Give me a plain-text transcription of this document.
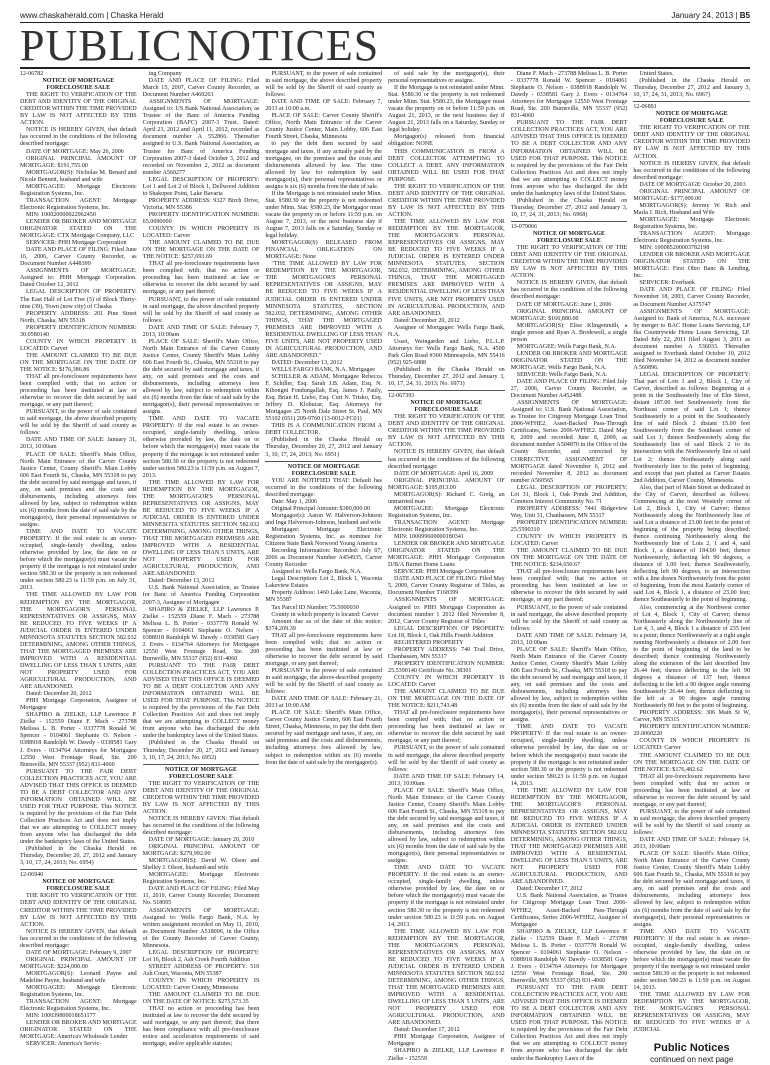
www.chaskaherald.com | Chaska Herald	January 24, 2013 | B5
PUBLIC NOTICES

12-06782

NOTICE OF MORTGAGE FORECLOSURE SALE

THE RIGHT TO VERIFICATION OF THE DEBT AND IDENTITY OF THE ORIGINAL CREDITOR WITHIN THE TIME PROVIDED BY LAW IS NOT AFFECTED BY THIS ACTION.

NOTICE IS HEREBY GIVEN, that default has occurred in the conditions of the following described mortgage:

DATE OF MORTGAGE: May 26, 2006

ORIGINAL PRINCIPAL AMOUNT OF MORTGAGE: $191,755.00

MORTGAGOR(S): Nicholas M. Benard and Nicole Bennett, husband and wife

MORTGAGEE: Mortgage Electronic Registration Systems, Inc.

TRANSACTION AGENT: Mortgage Electronic Registration Systems, Inc.

MIN: 100020000022962450

LENDER OR BROKER AND MORTGAGE ORIGINATOR STATED ON THE MORTGAGE: CTX Mortgage Company, LLC

SERVICER: PHH Mortgage Corporation

DATE AND PLACE OF FILING: Filed June 16, 2006, Carver County Recorder, as Document Number A448399

ASSIGNMENTS OF MORTGAGE: Assigned to: PHH Mortgage Corporation. Dated October 12, 2012

LEGAL DESCRIPTION OF PROPERTY: The East Half of Lot Five (5) of Block Thirty-nine (39), Town (now city) of Chaska

PROPERTY ADDRESS: 201 Pine Street North, Chaska, MN 55318

PROPERTY IDENTIFICATION NUMBER: 30.0580140

COUNTY IN WHICH PROPERTY IS LOCATED: Carver

THE AMOUNT CLAIMED TO BE DUE ON THE MORTGAGE ON THE DATE OF THE NOTICE: $176,386.86

THAT all pre-foreclosure requirements have been complied with; that no action or proceeding has been instituted at law or otherwise to recover the debt secured by said mortgage, or any part thereof;

PURSUANT, to the power of sale contained in said mortgage, the above described property will be sold by the Sheriff of said county as follows:

DATE AND TIME OF SALE: January 31, 2013, 10:00am

PLACE OF SALE: Sheriff's Main Office, North Main Entrance of the Carver County Justice Center, County Sheriff's Main Lobby 606 East Fourth St., Chaska, MN 55318 to pay the debt secured by said mortgage and taxes, if any, on said premises and the costs and disbursements, including attorneys fees allowed by law, subject to redemption within six (6) months from the date of said sale by the mortgagor(s), their personal representatives or assigns.

TIME AND DATE TO VACATE PROPERTY: If the real estate is an owner-occupied, single-family dwelling, unless otherwise provided by law, the date on or before which the mortgagor(s) must vacate the property if the mortgage is not reinstated under section 580.30 or the property is not redeemed under section 580.23 is 11:59 p.m. on July 31, 2013.

THE TIME ALLOWED BY LAW FOR REDEMPTION BY THE MORTGAGOR, THE MORTGAGOR'S PERSONAL REPRESENTATIVES OR ASSIGNS, MAY BE REDUCED TO FIVE WEEKS IF A JUDICIAL ORDER IS ENTERED UNDER MINNESOTA STATUTES SECTION 582.032 DETERMINING, AMONG OTHER THINGS, THAT THE MORTGAGED PREMISES ARE IMPROVED WITH A RESIDENTIAL DWELLING OF LESS THAN 5 UNITS, ARE NOT PROPERTY USED FOR AGRICULTURAL PRODUCTION, AND ARE ABANDONED.

Dated: December 20, 2012

PHH Mortgage Corporation, Assignee of Mortgagee

SHAPIRO & ZIELKE, LLP Lawrence P. Zielke - 152559 Diane F. Mach - 273788 Melissa L. B. Porter - 0337778 Ronald W. Spencer - 0104061 Stephanie O. Nelson - 0388918 Randolph W. Dawdy - 0338581 Gary J. Evers - 0134764 Attorneys for Mortgagee 12550 West Frontage Road, Ste. 200 Burnsville, MN 55337 (952) 831-4060

PURSUANT TO THE FAIR DEBT COLLECTION PRACTICES ACT, YOU ARE ADVISED THAT THIS OFFICE IS DEEMED TO BE A DEBT COLLECTOR AND ANY INFORMATION OBTAINED WILL BE USED FOR THAT PURPOSE. This NOTICE is required by the provisions of the Fair Debt Collection Practices Act and does not imply that we are attempting to COLLECT money from anyone who has discharged the debt under the bankruptcy laws of the United States.

(Published in the Chaska Herald on Thursday, December 20, 27, 2012 and January 3, 10, 17, 24, 2013; No. 6954)

12-06940

NOTICE OF MORTGAGE FORECLOSURE SALE

THE RIGHT TO VERIFICATION OF THE DEBT AND IDENTITY OF THE ORIGINAL CREDITOR WITHIN THE TIME PROVIDED BY LAW IS NOT AFFECTED BY THIS ACTION.

NOTICE IS HEREBY GIVEN, that default has occurred in the conditions of the following described mortgage:

DATE OF MORTGAGE: February 9, 2007

ORIGINAL PRINCIPAL AMOUNT OF MORTGAGE: $224,000.00

MORTGAGOR(S): Leonard Payne and Madeline Payne, husband and wife

MORTGAGEE: Mortgage Electronic Registration Systems, Inc.

TRANSACTION AGENT: Mortgage Electronic Registration Systems, Inc.

MIN: 100039800018651177

LENDER OR BROKER AND MORTGAGE ORIGINATOR STATED ON THE MORTGAGE: America's Wholesale Lender

SERVICER: America's Servic-

ing Company

DATE AND PLACE OF FILING: Filed March 15, 2007, Carver County Recorder, as Document Number A460263

ASSIGNMENTS OF MORTGAGE: Assigned to: US Bank National Association, as Trustee of the Banc of America Funding Corporation (BAFC) 2007-3 Trust. Dated: April 23, 2012 and April 11, 2012, recorded as document number A 552866. Thereafter assigned to U.S. Bank National Association, as Trustee for Banc of America Funding Corporation 2007-3 dated October 3, 2012 and recorded on November 2, 2012 as document number A560277

LEGAL DESCRIPTION OF PROPERTY: Lot 1 and Lot 2 of Block 1, Dellwood Addition to Shakopee Point, Lake Bavaria

PROPERTY ADDRESS: 9327 Birch Drive, Victoria, MN 55386

PROPERTY IDENTIFICATION NUMBER: 65.0090000

COUNTY IN WHICH PROPERTY IS LOCATED: Carver

THE AMOUNT CLAIMED TO BE DUE ON THE MORTGAGE ON THE DATE OF THE NOTICE: $257,693.69

THAT all pre-foreclosure requirements have been complied with; that no action or proceeding has been instituted at law or otherwise to recover the debt secured by said mortgage, or any part thereof;

PURSUANT, to the power of sale contained in said mortgage, the above described property will be sold by the Sheriff of said county as follows:

DATE AND TIME OF SALE: February 7, 2013, 10:00am

PLACE OF SALE: Sheriff's Main Office, North Main Entrance of the Carver County Justice Center, County Sheriff's Main Lobby 606 East Fourth St., Chaska, MN 55318 to pay the debt secured by said mortgage and taxes, if any, on said premises and the costs and disbursements, including attorneys fees allowed by law, subject to redemption within six (6) months from the date of said sale by the mortgagor(s), their personal representatives or assigns.

TIME AND DATE TO VACATE PROPERTY: If the real estate is an owner-occupied, single-family dwelling, unless otherwise provided by law, the date on or before which the mortgagor(s) must vacate the property if the mortgage is not reinstated under section 580.30 or the property is not redeemed under section 580.23 is 11:59 p.m. on August 7, 2013.

THE TIME ALLOWED BY LAW FOR REDEMPTION BY THE MORTGAGOR, THE MORTGAGOR'S PERSONAL REPRESENTATIVES OR ASSIGNS, MAY BE REDUCED TO FIVE WEEKS IF A JUDICIAL ORDER IS ENTERED UNDER MINNESOTA STATUTES SECTION 582.032 DETERMINING, AMONG OTHER THINGS, THAT THE MORTGAGED PREMISES ARE IMPROVED WITH A RESIDENTIAL DWELLING OF LESS THAN 5 UNITS, ARE NOT PROPERTY USED FOR AGRICULTURAL PRODUCTION, AND ARE ABANDONED.

Dated: December 13, 2012

U.S. Bank National Association, as Trustee for Banc of America Funding Corporation 2007-3, Assignee of Mortgagee

SHAPIRO & ZIELKE, LLP Lawrence P. Zielke - 152559 Diane F. Mach - 273788 Melissa L. B. Porter - 0337778 Ronald W. Spencer - 0104061 Stephanie O. Nelson - 0388918 Randolph W. Dawdy - 0338581 Gary J. Evers - 0134764 Attorneys for Mortgagee 12550 West Frontage Road, Ste. 200 Burnsville, MN 55337 (952) 831-4060

PURSUANT TO THE FAIR DEBT COLLECTION PRACTICES ACT, YOU ARE ADVISED THAT THIS OFFICE IS DEEMED TO BE A DEBT COLLECTOR AND ANY INFORMATION OBTAINED WILL BE USED FOR THAT PURPOSE. This NOTICE is required by the provisions of the Fair Debt Collection Practices Act and does not imply that we are attempting to COLLECT money from anyone who has discharged the debt under the bankruptcy laws of the United States.

(Published in the Chaska Herald on Thursday, December 20, 27, 2012 and January 3, 10, 17, 24, 2013; No. 6952)

NOTICE OF MORTGAGE FORECLOSURE SALE

THE RIGHT TO VERIFICATION OF THE DEBT AND IDENTITY OF THE ORIGINAL CREDITOR WITHIN THE TIME PROVIDED BY LAW IS NOT AFFECTED BY THIS ACTION.

NOTICE IS HEREBY GIVEN: That default has occurred in the conditions of the following described mortgage:

DATE OF MORTGAGE: January 20, 2010

ORIGINAL PRINCIPAL AMOUNT OF MORTGAGE: $279,992.00

MORTGAGOR(S): David W. Olson and Shelley J. Olson, husband and wife

MORTGAGEE: Mortgage Electronic Registration Systems, Inc.

DATE AND PLACE OF FILING: Filed May 11, 2010, Carver County Recorder, Document No. 518005

ASSIGNMENTS OF MORTGAGE: Assigned to: Wells Fargo Bank, N.A. by written assignment recorded on May 11, 2010, as Document Number A518006, in the Office of the County Recorder of Carver County, Minnesota.

LEGAL DESCRIPTION OF PROPERTY: Lot 16, Block 2, Ash Creek Fourth Addition

STREET ADDRESS OF PROPERTY: 510 Ash Court, Waconia, MN 55387

COUNTY IN WHICH PROPERTY IS LOCATED: Carver County, Minnesota

THE AMOUNT CLAIMED TO BE DUE ON THE DATE OF NOTICE: $275,573.35

THAT no action or proceeding has been instituted at law to recover the debt secured by said mortgage, or any part thereof; that there has been compliance with all pre-foreclosure notice and acceleration requirements of said mortgage, and/or applicable statutes;

PURSUANT, to the power of sale contained in said mortgage, the above described property will be sold by the Sheriff of said county as follows:

DATE AND TIME OF SALE: February 7, 2013 at 10:00 a.m.

PLACE OF SALE: Carver County Sheriff's Office, North Main Entrance of the Carver County Justice Center, Main Lobby, 606 East Fourth Street, Chaska, Minnesota

to pay the debt then secured by said mortgage and taxes, if any actually paid by the mortgagee, on the premises and the costs and disbursements allowed by law. The time allowed by law for redemption by said mortgagor(s), their personal representatives or assigns is six (6) months from the date of sale.

If the Mortgage is not reinstated under Minn. Stat. §580.30 or the property is not redeemed under Minn. Stat. §580.23, the Mortgagor must vacate the property on or before 11:59 p.m. on August 7, 2013, or the next business day if August 7, 2013 falls on a Saturday, Sunday or legal holiday.

MORTGAGOR(S) RELEASED FROM FINANCIAL OBLIGATION ON MORTGAGE: None

"THE TIME ALLOWED BY LAW FOR REDEMPTION BY THE MORTGAGOR, THE MORTGAGOR'S PERSONAL REPRESENTATIVES OR ASSIGNS, MAY BE REDUCED TO FIVE WEEKS IF A JUDICIAL ORDER IS ENTERED UNDER MINNESOTA STATUTES, SECTION 582.032, DETERMINING, AMONG OTHER THINGS, THAT THE MORTGAGED PREMISES ARE IMPROVED WITH A RESIDENTIAL DWELLING OF LESS THAN FIVE UNITS, ARE NOT PROPERTY USED IN AGRICULTURAL PRODUCTION, AND ARE ABANDONED."

DATED: December 13, 2012

WELLS FARGO BANK, N.A. Mortgagee

SCHILLER & ADAM, Mortgagee Rebecca F. Schiller, Esq. Sarah J.B. Adam, Esq. N. Kibongni Fondungallah, Esq. James J. Pauly, Esq. Brian H. Liebo, Esq. Curt N. Trisko, Esq. Jeffrey D. Klobucar, Esq. Attorneys for Mortgagee 25 North Dale Street St. Paul, MN 55102 (651) 209-9760 (13-0012-FC01)

THIS IS A COMMUNICATION FROM A DEBT COLLECTOR.

(Published in the Chaska Herald on Thursday, December 20, 27, 2012 and January 3, 10, 17, 24, 2013; No. 6951)

NOTICE OF MORTGAGE FORECLOSURE SALE

YOU ARE NOTIFIED THAT: Default has occurred in the conditions of the following described mortgage:

Date: May 1, 2006

Original Principal Amount: $380,000.00

Mortgagor(s): Aaron W. Halverson-Johnson and Inga Halverson-Johnson, husband and wife

Mortgagee: Mortgage Electronic Registration Systems, Inc. as nominee for Citizens State Bank Norwood Young America

Recording Information: Recorded: July 07, 2006 as Document Number A454935, Carver County Recorder

Assigned to: Wells Fargo Bank, N.A.

Legal Description: Lot 2, Block 1, Waconia Lakeview Estates

Property Address: 1460 Lake Lane, Waconia, MN 55387

Tax Parcel ID Number: 75.5000030

County in which property is located: Carver

Amount due as of the date of this notice: $374,209.39

THAT all pre-foreclosure requirements have been complied with; that no action or proceeding has been instituted at law or otherwise to recover the debt secured by said mortgage, or any part thereof;

PURSUANT to the power of sale contained in said mortgage, the above-described property will be sold by the Sheriff of said county as follows:

DATE AND TIME OF SALE: February 21, 2013 at 10:00 AM

PLACE OF SALE: Sheriff's Main Office, Carver County Justice Center, 606 East Fourth Street, Chaska, Minnesota, to pay the debt then secured by said mortgage and taxes, if any, on said premises and the costs and disbursements, including attorneys fees allowed by law, subject to redemption within six (6) months from the date of said sale by the mortgagor(s).

of said sale by the mortgagor(s), their personal representatives or assigns.

If the Mortgage is not reinstated under Minn. Stat. §580.30 or the property is not redeemed under Minn. Stat. §580.23, the Mortgagor must vacate the property on or before 11:59 p.m. on August 21, 2013, or the next business day if August 21, 2013 falls on a Saturday, Sunday or legal holiday.

Mortgagor(s) released from financial obligation: NONE

THIS COMMUNICATION IS FROM A DEBT COLLECTOR ATTEMPTING TO COLLECT A DEBT. ANY INFORMATION OBTAINED WILL BE USED FOR THAT PURPOSE.

THE RIGHT TO VERIFICATION OF THE DEBT AND IDENTITY OF THE ORIGINAL CREDITOR WITHIN THE TIME PROVIDED BY LAW IS NOT AFFECTED BY THIS ACTION.

THE TIME ALLOWED BY LAW FOR REDEMPTION BY THE MORTGAGOR, THE MORTGAGOR'S PERSONAL REPRESENTATIVES OR ASSIGNS, MAY BE REDUCED TO FIVE WEEKS IF A JUDICIAL ORDER IS ENTERED UNDER MINNESOTA STATUTES, SECTION 582.032, DETERMINING, AMONG OTHER THINGS, THAT THE MORTGAGED PREMISES ARE IMPROVED WITH A RESIDENTIAL DWELLING OF LESS THAN FIVE UNITS, ARE NOT PROPERTY USED IN AGRICULTURAL PRODUCTION, AND ARE ABANDONED.

Dated: December 20, 2012

Assignee of Mortgagee: Wells Fargo Bank, N.A.

Usset, Weingarden and Liebo, P.L.L.P. Attorneys for: Wells Fargo Bank, N.A. 4500 Park Glen Road #300 Minneapolis, MN 55416 (952) 925-6888

(Published in the Chaska Herald on Thursday, December 27, 2012 and January 3, 10, 17, 24, 31, 2013; No. 6971)

12-067393

NOTICE OF MORTGAGE FORECLOSURE SALE

THE RIGHT TO VERIFICATION OF THE DEBT AND IDENTITY OF THE ORIGINAL CREDITOR WITHIN THE TIME PROVIDED BY LAW IS NOT AFFECTED BY THIS ACTION.

NOTICE IS HEREBY GIVEN, that default has occurred in the conditions of the following described mortgage:

DATE OF MORTGAGE: April 16, 2009

ORIGINAL PRINCIPAL AMOUNT OF MORTGAGE: $195,813.00

MORTGAGOR(S): Richard C. Greig, an unmarried man

MORTGAGEE: Mortgage Electronic Registration Systems, Inc.

TRANSACTION AGENT: Mortgage Electronic Registration Systems, Inc.

MIN: 100099600000180341

LENDER OR BROKER AND MORTGAGE ORIGINATOR STATED ON THE MORTGAGE: PHH Mortgage Corporation D/B/A Burnet Home Loans

SERVICER: PHH Mortgage Corporation

DATE AND PLACE OF FILING: Filed May 5, 2009, Carver County Registrar of Titles, as Document Number T168399

ASSIGNMENTS OF MORTGAGE: Assigned to: PHH Mortgage Corporation as document number 1 2012 filed November 8, 2012, Carver County Registrar of Titles

LEGAL DESCRIPTION OF PROPERTY: Lot 18, Block 1, Oak Hills Fourth Addition

REGISTERED PROPERTY

PROPERTY ADDRESS: 740 Trail Drive, Chanhassen, MN 55317

PROPERTY IDENTIFICATION NUMBER: 25.5390140 Certificate No. 38301

COUNTY IN WHICH PROPERTY IS LOCATED: Carver

THE AMOUNT CLAIMED TO BE DUE ON THE MORTGAGE ON THE DATE OF THE NOTICE: $211,743.48

THAT all pre-foreclosure requirements have been complied with; that no action or proceeding has been instituted at law or otherwise to recover the debt secured by said mortgage, or any part thereof;

PURSUANT, to the power of sale contained in said mortgage, the above described property will be sold by the Sheriff of said county as follows:

DATE AND TIME OF SALE: February 14, 2013, 10:00am

PLACE OF SALE: Sheriff's Main Office, North Main Entrance of the Carver County Justice Center, County Sheriff's Main Lobby 606 East Fourth St., Chaska, MN 55318 to pay the debt secured by said mortgage and taxes, if any, on said premises and the costs and disbursements, including attorneys fees allowed by law, subject to redemption within six (6) months from the date of said sale by the mortgagor(s), their personal representatives or assigns.

TIME AND DATE TO VACATE PROPERTY: If the real estate is an owner-occupied, single-family dwelling, unless otherwise provided by law, the date on or before which the mortgagor(s) must vacate the property if the mortgage is not reinstated under section 580.30 or the property is not redeemed under section 580.23 is 11:59 p.m. on August 14, 2013.

THE TIME ALLOWED BY LAW FOR REDEMPTION BY THE MORTGAGOR, THE MORTGAGOR'S PERSONAL REPRESENTATIVES OR ASSIGNS, MAY BE REDUCED TO FIVE WEEKS IF A JUDICIAL ORDER IS ENTERED UNDER MINNESOTA STATUTES SECTION 582.032 DETERMINING, AMONG OTHER THINGS, THAT THE MORTGAGED PREMISES ARE IMPROVED WITH A RESIDENTIAL DWELLING OF LESS THAN 5 UNITS, ARE NOT PROPERTY USED FOR AGRICULTURAL PRODUCTION, AND ARE ABANDONED.

Dated: December 17, 2012

PHH Mortgage Corporation, Assignee of Mortgagee

SHAPIRO & ZIELKE, LLP Lawrence P. Zielke - 152559

Diane F. Mach - 273788 Melissa L. B. Porter - 0337778 Ronald W. Spencer - 0104061 Stephanie O. Nelson - 0388918 Randolph W. Dawdy - 0338581 Gary J. Evers - 0134764 Attorneys for Mortgagee 12550 West Frontage Road, Ste. 200 Burnsville, MN 55337 (952) 831-4060

PURSUANT TO THE FAIR DEBT COLLECTION PRACTICES ACT, YOU ARE ADVISED THAT THIS OFFICE IS DEEMED TO BE A DEBT COLLECTOR AND ANY INFORMATION OBTAINED WILL BE USED FOR THAT PURPOSE. This NOTICE is required by the provisions of the Fair Debt Collection Practices Act and does not imply that we are attempting to COLLECT money from anyone who has discharged the debt under the bankruptcy laws of the United States.

(Published in the Chaska Herald on Thursday, December 27, 2012 and January 3, 10, 17, 24, 31, 2013; No. 6968)

13-079066

NOTICE OF MORTGAGE FORECLOSURE SALE

THE RIGHT TO VERIFICATION OF THE DEBT AND IDENTITY OF THE ORIGINAL CREDITOR WITHIN THE TIME PROVIDED BY LAW IS NOT AFFECTED BY THIS ACTION.

NOTICE IS HEREBY GIVEN, that default has occurred in the conditions of the following described mortgage:

DATE OF MORTGAGE: June 1, 2006

ORIGINAL PRINCIPAL AMOUNT OF MORTGAGE: $166,880.00

MORTGAGOR(S): Elise Klingenmith, a single person and Ryan A. Brodewell, a single person

MORTGAGEE: Wells Fargo Bank, N.A.

LENDER OR BROKER AND MORTGAGE ORIGINATOR STATED ON THE MORTGAGE: Wells Fargo Bank, N.A.

SERVICER: Wells Fargo Bank, N.A.

DATE AND PLACE OF FILING: Filed July 27, 2006, Carver County Recorder, as Document Number A452488

ASSIGNMENTS OF MORTGAGE: Assigned to: U.S. Bank National Association, as Trustee for Citigroup Mortgage Loan Trust 2006-WFHE2, Asset-Backed Pass-Through Certificates, Series 2006-WFHE2. Dated May 8, 2009 and recorded June 8, 2009, as document number A504870 in the Office of the County Recorder, and corrected by CORRECTIVE ASSIGNMENT OF MORTGAGE dated November 6, 2012 and recorded November 8, 2012 as document number A560565

LEGAL DESCRIPTION OF PROPERTY: Lot 31, Block 1, Oak Ponds 2nd Addition, Common Interest Community No. 71

PROPERTY ADDRESS: 7441 Ridgeview Way, Unit 31, Chanhassen, MN 55317

PROPERTY IDENTIFICATION NUMBER: 25.5590310

COUNTY IN WHICH PROPERTY IS LOCATED: Carver

THE AMOUNT CLAIMED TO BE DUE ON THE MORTGAGE ON THE DATE OF THE NOTICE: $234,650.67

THAT all pre-foreclosure requirements have been complied with; that no action or proceeding has been instituted at law or otherwise to recover the debt secured by said mortgage, or any part thereof;

PURSUANT, to the power of sale contained in said mortgage, the above described property will be sold by the Sheriff of said county as follows:

DATE AND TIME OF SALE: February 14, 2013, 10:00am

PLACE OF SALE: Sheriff's Main Office, North Main Entrance of the Carver County Justice Center, County Sheriff's Main Lobby 606 East Fourth St., Chaska, MN 55318 to pay the debt secured by said mortgage and taxes, if any, on said premises and the costs and disbursements, including attorneys fees allowed by law, subject to redemption within six (6) months from the date of said sale by the mortgagor(s), their personal representatives or assigns.

TIME AND DATE TO VACATE PROPERTY: If the real estate is an owner-occupied, single-family dwelling, unless otherwise provided by law, the date on or before which the mortgagor(s) must vacate the property if the mortgage is not reinstated under section 580.30 or the property is not redeemed under section 580.23 is 11:59 p.m. on August 14, 2013.

THE TIME ALLOWED BY LAW FOR REDEMPTION BY THE MORTGAGOR, THE MORTGAGOR'S PERSONAL REPRESENTATIVES OR ASSIGNS, MAY BE REDUCED TO FIVE WEEKS IF A JUDICIAL ORDER IS ENTERED UNDER MINNESOTA STATUTES SECTION 582.032 DETERMINING, AMONG OTHER THINGS, THAT THE MORTGAGED PREMISES ARE IMPROVED WITH A RESIDENTIAL DWELLING OF LESS THAN 5 UNITS, ARE NOT PROPERTY USED FOR AGRICULTURAL PRODUCTION, AND ARE ABANDONED.

Dated: December 17, 2012

U.S. Bank National Association, as Trustee for Citigroup Mortgage Loan Trust 2006-WFHE2, Asset-Backed Pass-Through Certificates, Series 2006-WFHE2, Assignee of Mortgagee

SHAPIRO & ZIELKE, LLP Lawrence P. Zielke - 152559 Diane F. Mach - 273788 Melissa L. B. Porter - 0337778 Ronald W. Spencer - 0104061 Stephanie O. Nelson - 0388918 Randolph W. Dawdy - 0338581 Gary J. Evers - 0134764 Attorneys for Mortgagee 12550 West Frontage Road, Ste. 200 Burnsville, MN 55337 (952) 831-4060

PURSUANT TO THE FAIR DEBT COLLECTION PRACTICES ACT, YOU ARE ADVISED THAT THIS OFFICE IS DEEMED TO BE A DEBT COLLECTOR AND ANY INFORMATION OBTAINED WILL BE USED FOR THAT PURPOSE. This NOTICE is required by the provisions of the Fair Debt Collection Practices Act and does not imply that we are attempting to COLLECT money from anyone who has discharged the debt under the Bankruptcy Laws of the

United States.

(Published in the Chaska Herald on Thursday, December 27, 2012 and January 3, 10, 17, 24, 31, 2013; No. 6967)

12-06891

NOTICE OF MORTGAGE FORECLOSURE SALE

THE RIGHT TO VERIFICATION OF THE DEBT AND IDENTITY OF THE ORIGINAL CREDITOR WITHIN THE TIME PROVIDED BY LAW IS NOT AFFECTED BY THIS ACTION.

NOTICE IS HEREBY GIVEN, that default has occurred in the conditions of the following described mortgage:

DATE OF MORTGAGE: October 20, 2003

ORIGINAL PRINCIPAL AMOUNT OF MORTGAGE: $177,000.00

MORTGAGOR(S): Jeremy W. Rich and Marla J. Rich, Husband and Wife

MORTGAGEE: Mortgage Electronic Registration Systems, Inc.

TRANSACTION AGENT: Mortgage Electronic Registration Systems, Inc.

MIN: 100085200003782198

LENDER OR BROKER AND MORTGAGE ORIGINATOR STATED ON THE MORTGAGE: First Ohio Banc & Lending, Inc.

SERVICER: Everbank

DATE AND PLACE OF FILING: Filed November 18, 2003, Carver County Recorder, as Document Number A375747

ASSIGNMENTS OF MORTGAGE: Assigned to: Bank of America, N.A. successor by merger to BAC Home Loans Servicing, LP fka Countrywide Home Loans Servicing, LP. Dated July 22, 2011 filed August 3, 2011 as document number A 536033. Thereafter assigned to Everbank dated October 10, 2012 filed November 14, 2012 as document number A 560896.

LEGAL DESCRIPTION OF PROPERTY: That part of Lots 1 and 2, Block 1, City of Carver, described as follows: Beginning at a point in the Southeasterly line of Elm Street, distant 187.00 feet Southwesterly from the Northeast corner of said Lot 1; thence Southeasterly to a point in the Southeasterly line of said Block 2 distant 15.00 feet Southwesterly from the Southeast corner of said Lot 1; thence Southwesterly along the Southeasterly line of said Block 2 to its intersection with the Northwesterly line of said Lot 2; thence Northeasterly along said Northwesterly line to the point of beginning; and except that part platted as Carver Estates 2nd Addition, Carver County, Minnesota.

Also, that part of Main Street as dedicated in the City of Carver, described as follows: Commencing at the most Westerly corner of Lot 2, Block 1, City of Carver; thence Northeasterly along the Northwesterly line of said Lot a distance of 23.00 feet to the point of beginning of the property being described; thence continuing Northeasterly along the Northwesterly line of Lots 2, 1 and 4, said Block 1, a distance of 184.00 feet; thence Northwesterly, deflecting left 90 degrees, a distance of 1.00 feet; thence Southwesterly, deflecting left 90 degrees, to an intersection with a line drawn Northwesterly from the point of beginning, from the most Easterly corner of said Lot 4, Block 1, a distance of 23.00 feet; thence Southeasterly to the point of beginning.

Also, commencing at the Northwest corner of Lot 4, Block 1, City of Carver; thence Northeasterly along the Northwesterly line of Lot 4, 3, and 4, Block 1 a distance of 235 feet to a point; thence Northwesterly at a right angle running Northwesterly a distance of 2.00 feet to the point of beginning of the land to be described; thence continuing Northwesterly along the extension of the last described line 26.44 feet; thence deflecting to the left 90 degrees a distance of 137 feet; thence deflecting to the left a 90 degree angle running Southeasterly 26.44 feet; thence deflecting to the left at a 90 degree angle running Northeasterly 80 feet to the point of beginning.

PROPERTY ADDRESS: 306 Main St W, Carver, MN 55315

PROPERTY IDENTIFICATION NUMBER: 20.0060220

COUNTY IN WHICH PROPERTY IS LOCATED: Carver

THE AMOUNT CLAIMED TO BE DUE ON THE MORTGAGE ON THE DATE OF THE NOTICE: $176,482.62

THAT all pre-foreclosure requirements have been complied with; that no action or proceeding has been instituted at law or otherwise to recover the debt secured by said mortgage, or any part thereof;

PURSUANT, to the power of sale contained in said mortgage, the above described property will be sold by the Sheriff of said county as follows:

DATE AND TIME OF SALE: February 14, 2013, 10:00am

PLACE OF SALE: Sheriff's Main Office, North Main Entrance of the Carver County Justice Center, County Sheriff's Main Lobby 606 East Fourth St., Chaska, MN 55318 to pay the debt secured by said mortgage and taxes, if any, on said premises and the costs and disbursements, including attorneys fees allowed by law, subject to redemption within six (6) months from the date of said sale by the mortgagor(s), their personal representatives or assigns.

TIME AND DATE TO VACATE PROPERTY: If the real estate is an owner-occupied, single-family dwelling, unless otherwise provided by law, the date on or before which the mortgagor(s) must vacate the property if the mortgage is not reinstated under section 580.30 or the property is not redeemed under section 580.23 is 11:59 p.m. on August 14, 2013.

THE TIME ALLOWED BY LAW FOR REDEMPTION BY THE MORTGAGOR, THE MORTGAGOR'S PERSONAL REPRESENTATIVES OR ASSIGNS, MAY BE REDUCED TO FIVE WEEKS IF A JUDICIAL

Public Notices
continued on next page
